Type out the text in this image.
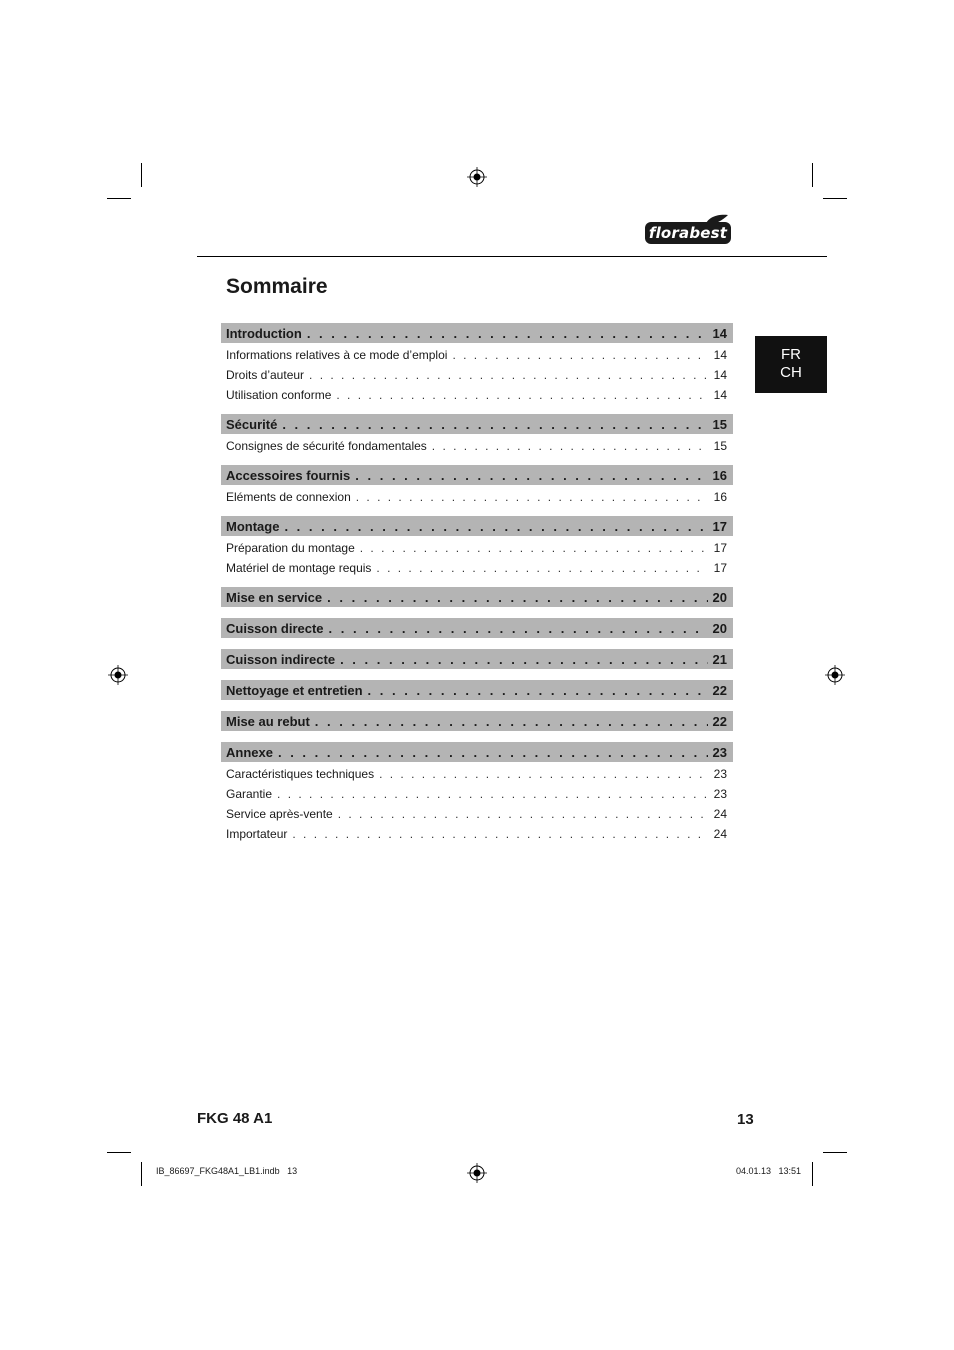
florabest
Sommaire
FR
CH
Introduction . . .	14
Informations relatives à ce mode d’emploi . . .	14
Droits d’auteur . . .	14
Utilisation conforme . . .	14
Sécurité . . .	15
Consignes de sécurité fondamentales . . .	15
Accessoires fournis . . .	16
Eléments de connexion . . .	16
Montage . . .	17
Préparation du montage . . .	17
Matériel de montage requis . . .	17
Mise en service . . .	20
Cuisson directe . . .	20
Cuisson indirecte . . .	21
Nettoyage et entretien . . .	22
Mise au rebut . . .	22
Annexe . . .	23
Caractéristiques techniques . . .	23
Garantie . . .	23
Service après-vente . . .	24
Importateur . . .	24
FKG 48 A1	13
IB_86697_FKG48A1_LB1.indb   13	04.01.13   13:51
